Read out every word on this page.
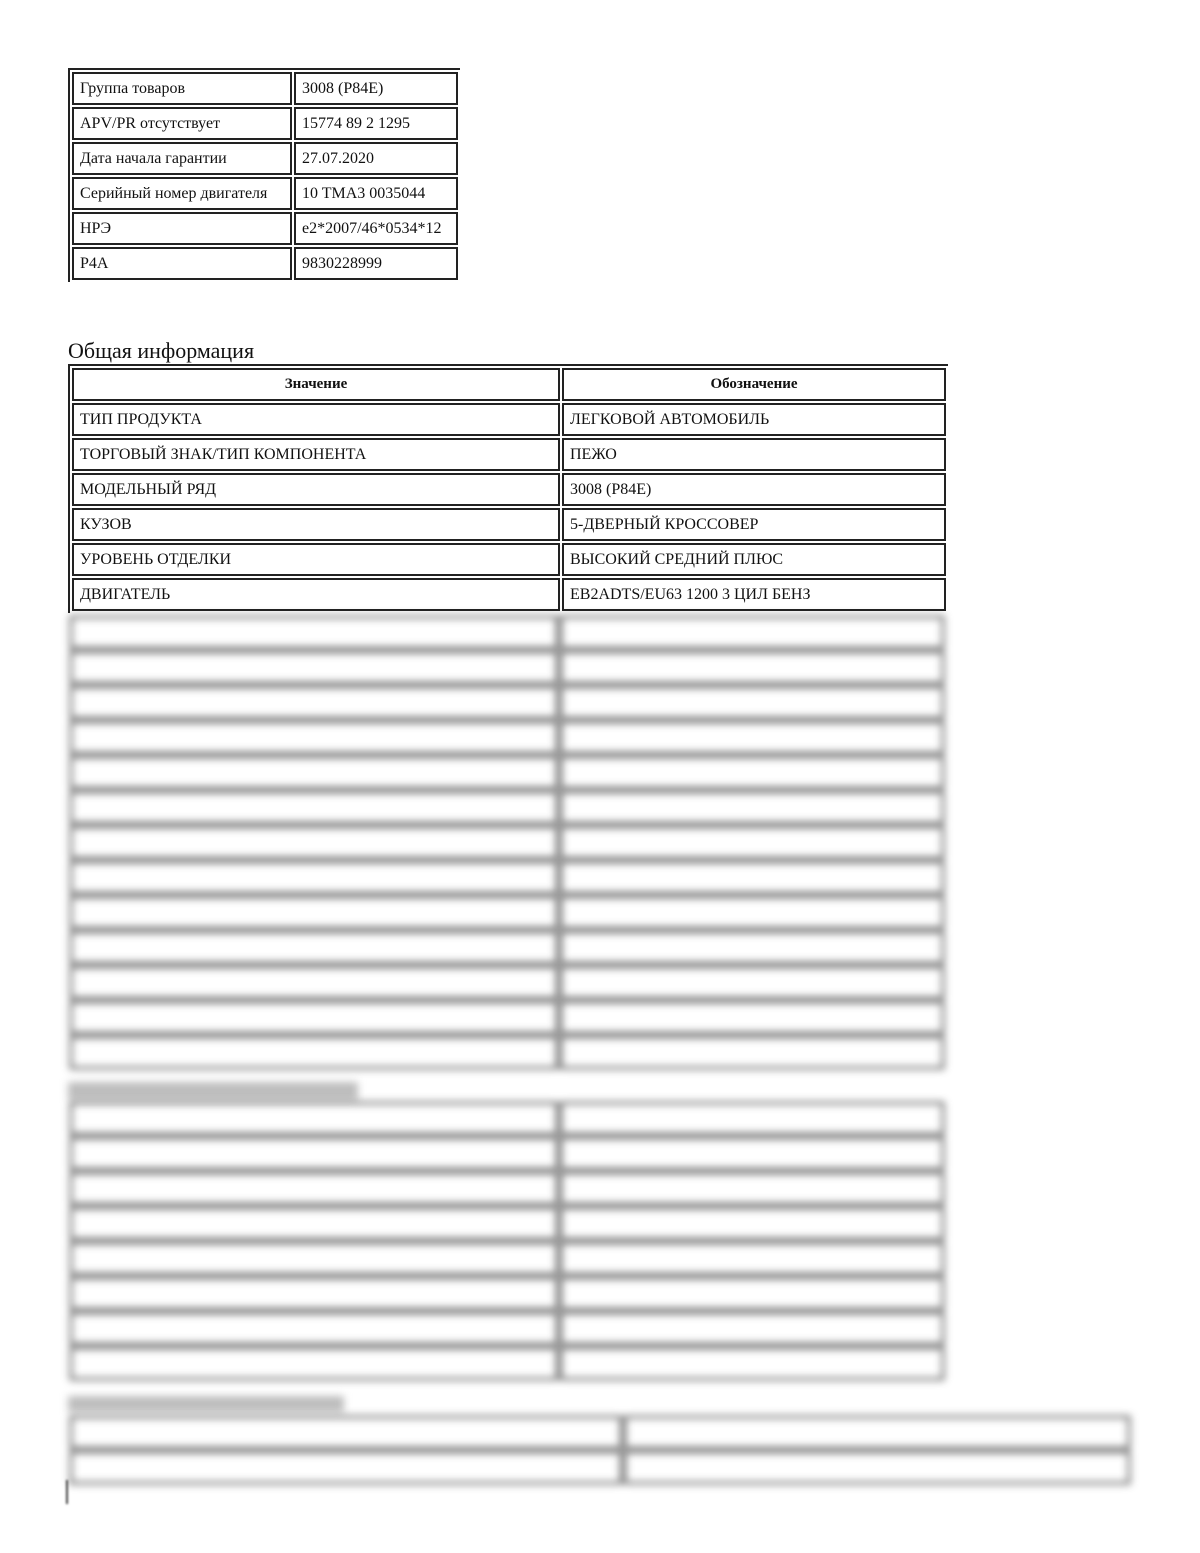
Группа товаров	3008 (P84E)
APV/PR отсутствует	15774 89 2 1295
Дата начала гарантии	27.07.2020
Серийный номер двигателя	10 TMA3 0035044
НРЭ	e2*2007/46*0534*12
P4A	9830228999
Общая информация
Значение	Обозначение
ТИП ПРОДУКТА	ЛЕГКОВОЙ АВТОМОБИЛЬ
ТОРГОВЫЙ ЗНАК/ТИП КОМПОНЕНТА	ПЕЖО
МОДЕЛЬНЫЙ РЯД	3008 (P84E)
КУЗОВ	5-ДВЕРНЫЙ КРОССОВЕР
УРОВЕНЬ ОТДЕЛКИ	ВЫСОКИЙ СРЕДНИЙ ПЛЮС
ДВИГАТЕЛЬ	EB2ADTS/EU63 1200 3 ЦИЛ БЕНЗ
